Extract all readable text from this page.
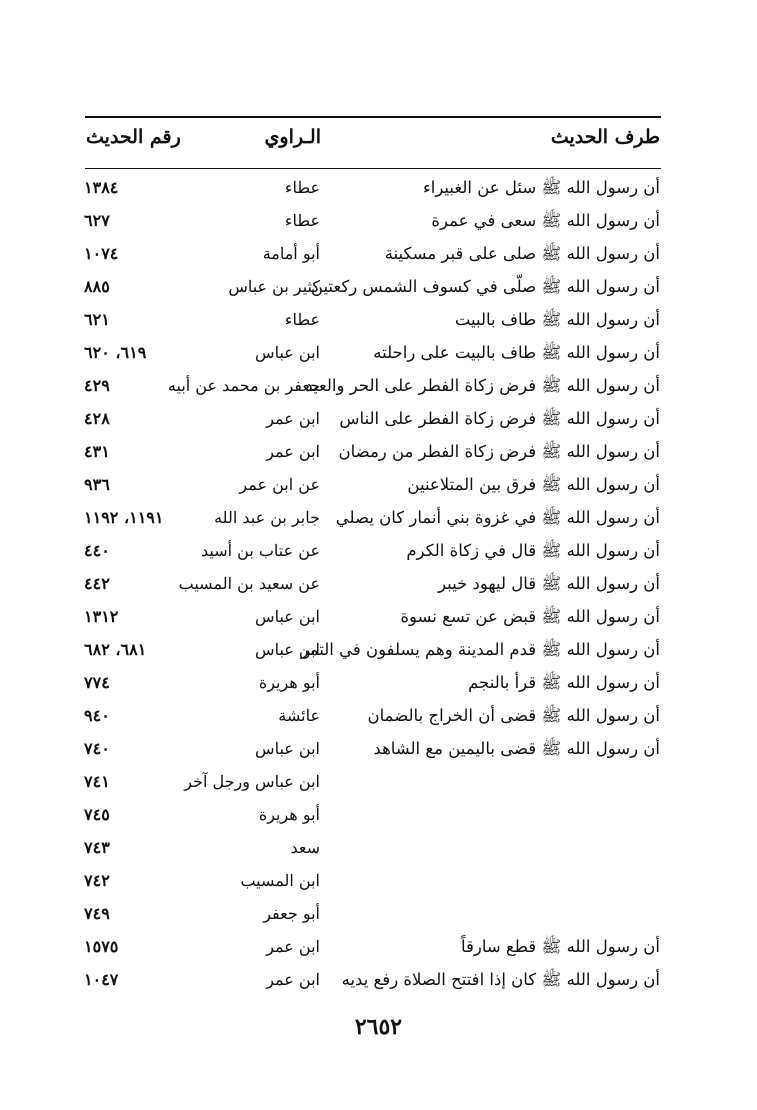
طرف الحديث
الـراوي
رقم الحديث
أن رسول الله ﷺ سئل عن الغبيراء
عطاء
١٣٨٤
أن رسول الله ﷺ سعى في عمرة
عطاء
٦٢٧
أن رسول الله ﷺ صلى على قبر مسكينة
أبو أمامة
١٠٧٤
أن رسول الله ﷺ صلّى في كسوف الشمس ركعتين
كثير بن عباس
٨٨٥
أن رسول الله ﷺ طاف بالبيت
عطاء
٦٢١
أن رسول الله ﷺ طاف بالبيت على راحلته
ابن عباس
٦١٩، ٦٢٠
أن رسول الله ﷺ فرض زكاة الفطر على الحر والعبد
جعفر بن محمد عن أبيه
٤٢٩
أن رسول الله ﷺ فرض زكاة الفطر على الناس
ابن عمر
٤٢٨
أن رسول الله ﷺ فرض زكاة الفطر من رمضان
ابن عمر
٤٣١
أن رسول الله ﷺ فرق بين المتلاعنين
عن ابن عمر
٩٣٦
أن رسول الله ﷺ في غزوة بني أنمار كان يصلي
جابر بن عبد الله
١١٩١، ١١٩٢
أن رسول الله ﷺ قال في زكاة الكرم
عن عتاب بن أسيد
٤٤٠
أن رسول الله ﷺ قال ليهود خيبر
عن سعيد بن المسيب
٤٤٢
أن رسول الله ﷺ قبض عن تسع نسوة
ابن عباس
١٣١٢
أن رسول الله ﷺ قدم المدينة وهم يسلفون في التمر
ابن عباس
٦٨١، ٦٨٢
أن رسول الله ﷺ قرأ بالنجم
أبو هريرة
٧٧٤
أن رسول الله ﷺ قضى أن الخراج بالضمان
عائشة
٩٤٠
أن رسول الله ﷺ قضى باليمين مع الشاهد
ابن عباس
٧٤٠
ابن عباس ورجل آخر
٧٤١
أبو هريرة
٧٤٥
سعد
٧٤٣
ابن المسيب
٧٤٢
أبو جعفر
٧٤٩
أن رسول الله ﷺ قطع سارقاً
ابن عمر
١٥٧٥
أن رسول الله ﷺ كان إذا افتتح الصلاة رفع يديه
ابن عمر
١٠٤٧
٢٦٥٢
